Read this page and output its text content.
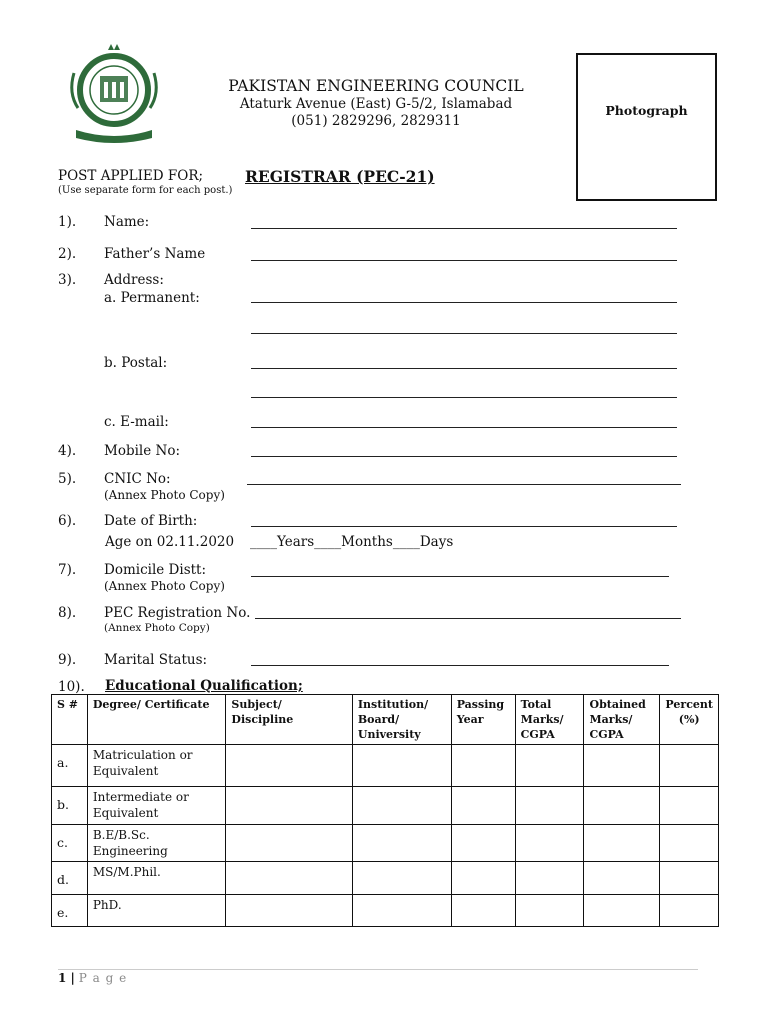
PAKISTAN ENGINEERING COUNCIL
Ataturk Avenue (East) G-5/2, Islamabad
(051) 2829296, 2829311
Photograph
POST APPLIED FOR;
(Use separate form for each post.)
REGISTRAR (PEC-21)
1). Name:
2). Father’s Name
3). Address:
a. Permanent:
b. Postal:
c. E-mail:
4). Mobile No:
5). CNIC No:
(Annex Photo Copy)
6). Date of Birth:
Age on 02.11.2020 ____Years____Months____Days
7). Domicile Distt:
(Annex Photo Copy)
8). PEC Registration No.
(Annex Photo Copy)
9). Marital Status:
10). Educational Qualification;
S #	Degree/ Certificate	Subject/ Discipline	Institution/ Board/ University	Passing Year	Total Marks/ CGPA	Obtained Marks/ CGPA	Percent (%)
a.	Matriculation or Equivalent						
b.	Intermediate or Equivalent						
c.	B.E/B.Sc. Engineering						
d.	MS/M.Phil.						
e.	PhD.						
1 | P a g e
